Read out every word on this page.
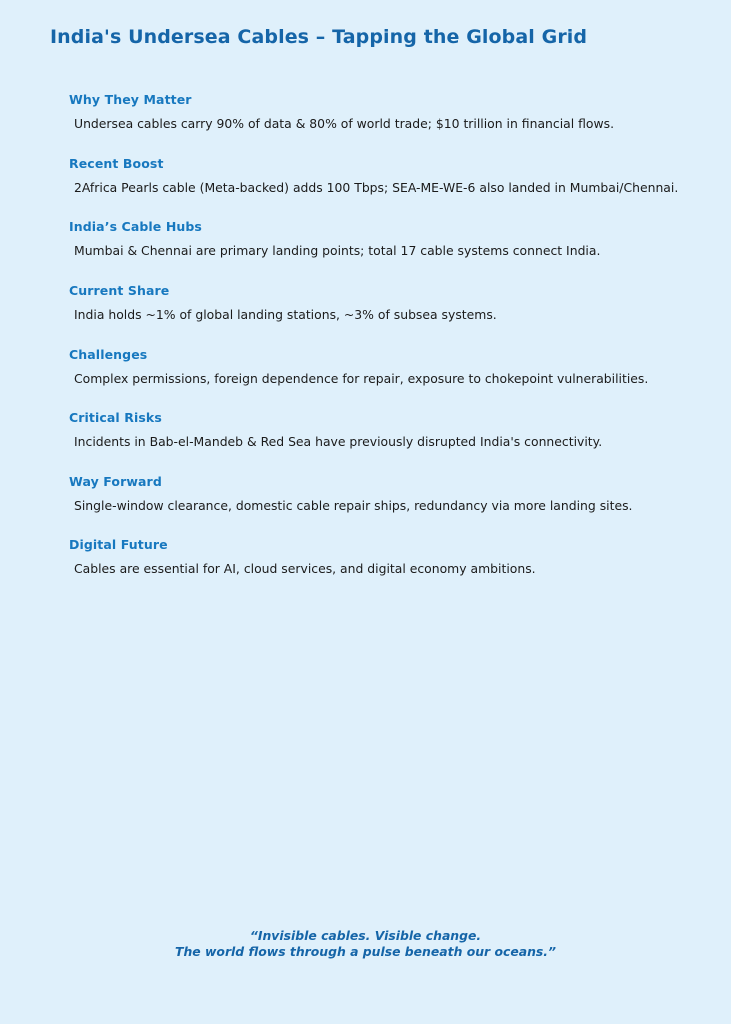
India's Undersea Cables – Tapping the Global Grid
Why They Matter
Undersea cables carry 90% of data & 80% of world trade; $10 trillion in financial flows.
Recent Boost
2Africa Pearls cable (Meta-backed) adds 100 Tbps; SEA-ME-WE-6 also landed in Mumbai/Chennai.
India’s Cable Hubs
Mumbai & Chennai are primary landing points; total 17 cable systems connect India.
Current Share
India holds ~1% of global landing stations, ~3% of subsea systems.
Challenges
Complex permissions, foreign dependence for repair, exposure to chokepoint vulnerabilities.
Critical Risks
Incidents in Bab-el-Mandeb & Red Sea have previously disrupted India's connectivity.
Way Forward
Single-window clearance, domestic cable repair ships, redundancy via more landing sites.
Digital Future
Cables are essential for AI, cloud services, and digital economy ambitions.
“Invisible cables. Visible change.
The world flows through a pulse beneath our oceans.”
